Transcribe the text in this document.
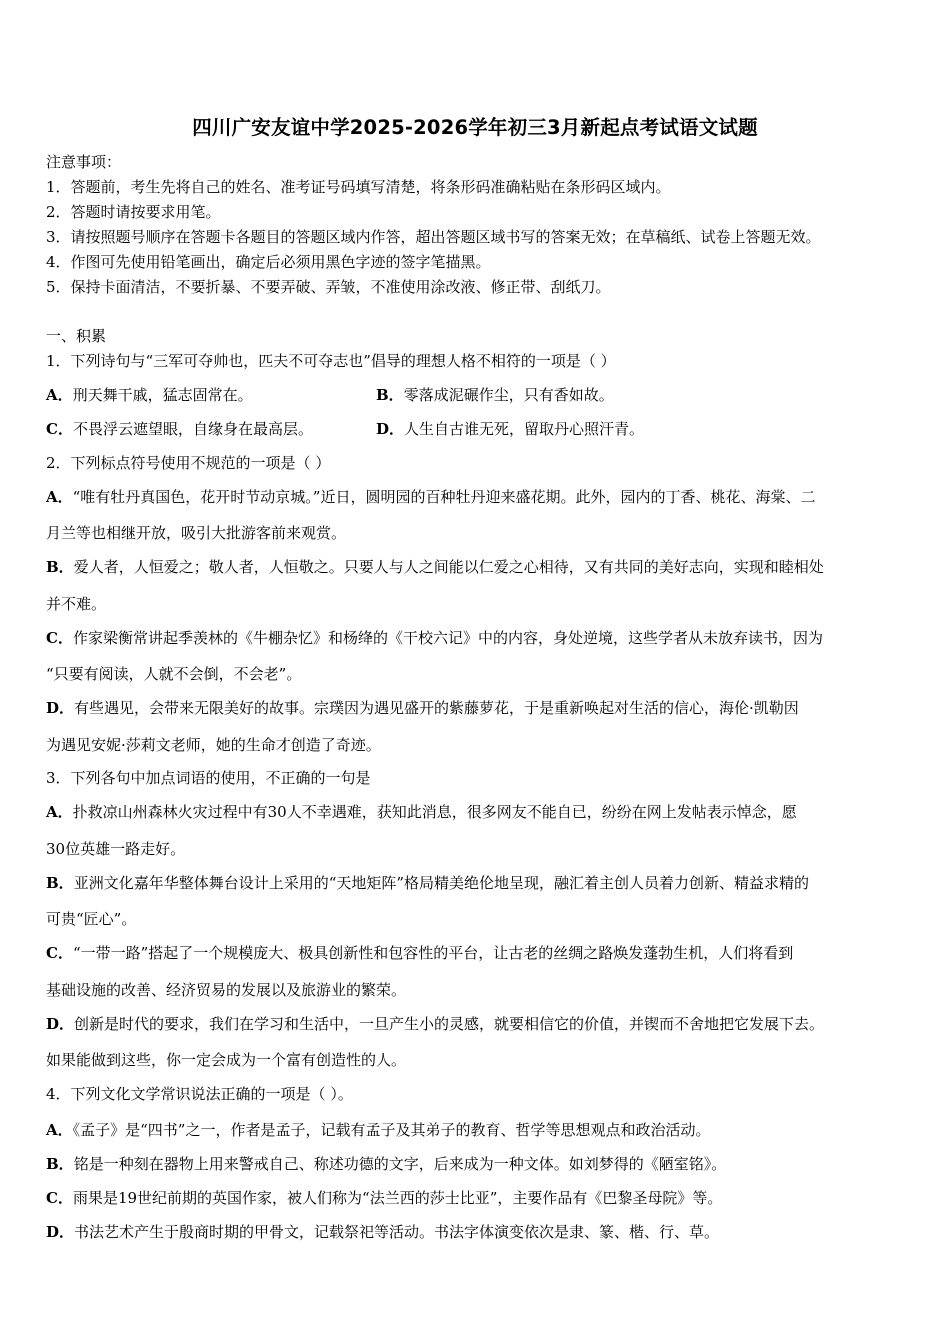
四川广安友谊中学2025-2026学年初三3月新起点考试语文试题
注意事项：
1．答题前，考生先将自己的姓名、准考证号码填写清楚，将条形码准确粘贴在条形码区域内。
2．答题时请按要求用笔。
3．请按照题号顺序在答题卡各题目的答题区域内作答，超出答题区域书写的答案无效；在草稿纸、试卷上答题无效。
4．作图可先使用铅笔画出，确定后必须用黑色字迹的签字笔描黑。
5．保持卡面清洁，不要折暴、不要弄破、弄皱，不准使用涂改液、修正带、刮纸刀。
一、积累
1．下列诗句与“三军可夺帅也，匹夫不可夺志也”倡导的理想人格不相符的一项是（ ）
A．刑天舞干戚，猛志固常在。	B．零落成泥碾作尘，只有香如故。
C．不畏浮云遮望眼，自缘身在最高层。	D．人生自古谁无死，留取丹心照汗青。
2．下列标点符号使用不规范的一项是（ ）
A．“唯有牡丹真国色，花开时节动京城。”近日，圆明园的百种牡丹迎来盛花期。此外，园内的丁香、桃花、海棠、二
月兰等也相继开放，吸引大批游客前来观赏。
B．爱人者，人恒爱之；敬人者，人恒敬之。只要人与人之间能以仁爱之心相待，又有共同的美好志向，实现和睦相处
并不难。
C．作家梁衡常讲起季羡林的《牛棚杂忆》和杨绛的《干校六记》中的内容，身处逆境，这些学者从未放弃读书，因为
“只要有阅读，人就不会倒，不会老”。
D．有些遇见，会带来无限美好的故事。宗璞因为遇见盛开的紫藤萝花，于是重新唤起对生活的信心，海伦·凯勒因
为遇见安妮·莎莉文老师，她的生命才创造了奇迹。
3．下列各句中加点词语的使用，不正确的一句是
A．扑救凉山州森林火灾过程中有30人不幸遇难，获知此消息，很多网友不能自已，纷纷在网上发帖表示悼念，愿
30位英雄一路走好。
B．亚洲文化嘉年华整体舞台设计上采用的“天地矩阵”格局精美绝伦地呈现，融汇着主创人员着力创新、精益求精的
可贵“匠心”。
C．“一带一路”搭起了一个规模庞大、极具创新性和包容性的平台，让古老的丝绸之路焕发蓬勃生机，人们将看到
基础设施的改善、经济贸易的发展以及旅游业的繁荣。
D．创新是时代的要求，我们在学习和生活中，一旦产生小的灵感，就要相信它的价值，并锲而不舍地把它发展下去。
如果能做到这些，你一定会成为一个富有创造性的人。
4．下列文化文学常识说法正确的一项是（ ）。
A．《孟子》是“四书”之一，作者是孟子，记载有孟子及其弟子的教育、哲学等思想观点和政治活动。
B．铭是一种刻在器物上用来警戒自己、称述功德的文字，后来成为一种文体。如刘梦得的《陋室铭》。
C．雨果是19世纪前期的英国作家，被人们称为“法兰西的莎士比亚”，主要作品有《巴黎圣母院》等。
D．书法艺术产生于殷商时期的甲骨文，记载祭祀等活动。书法字体演变依次是隶、篆、楷、行、草。
